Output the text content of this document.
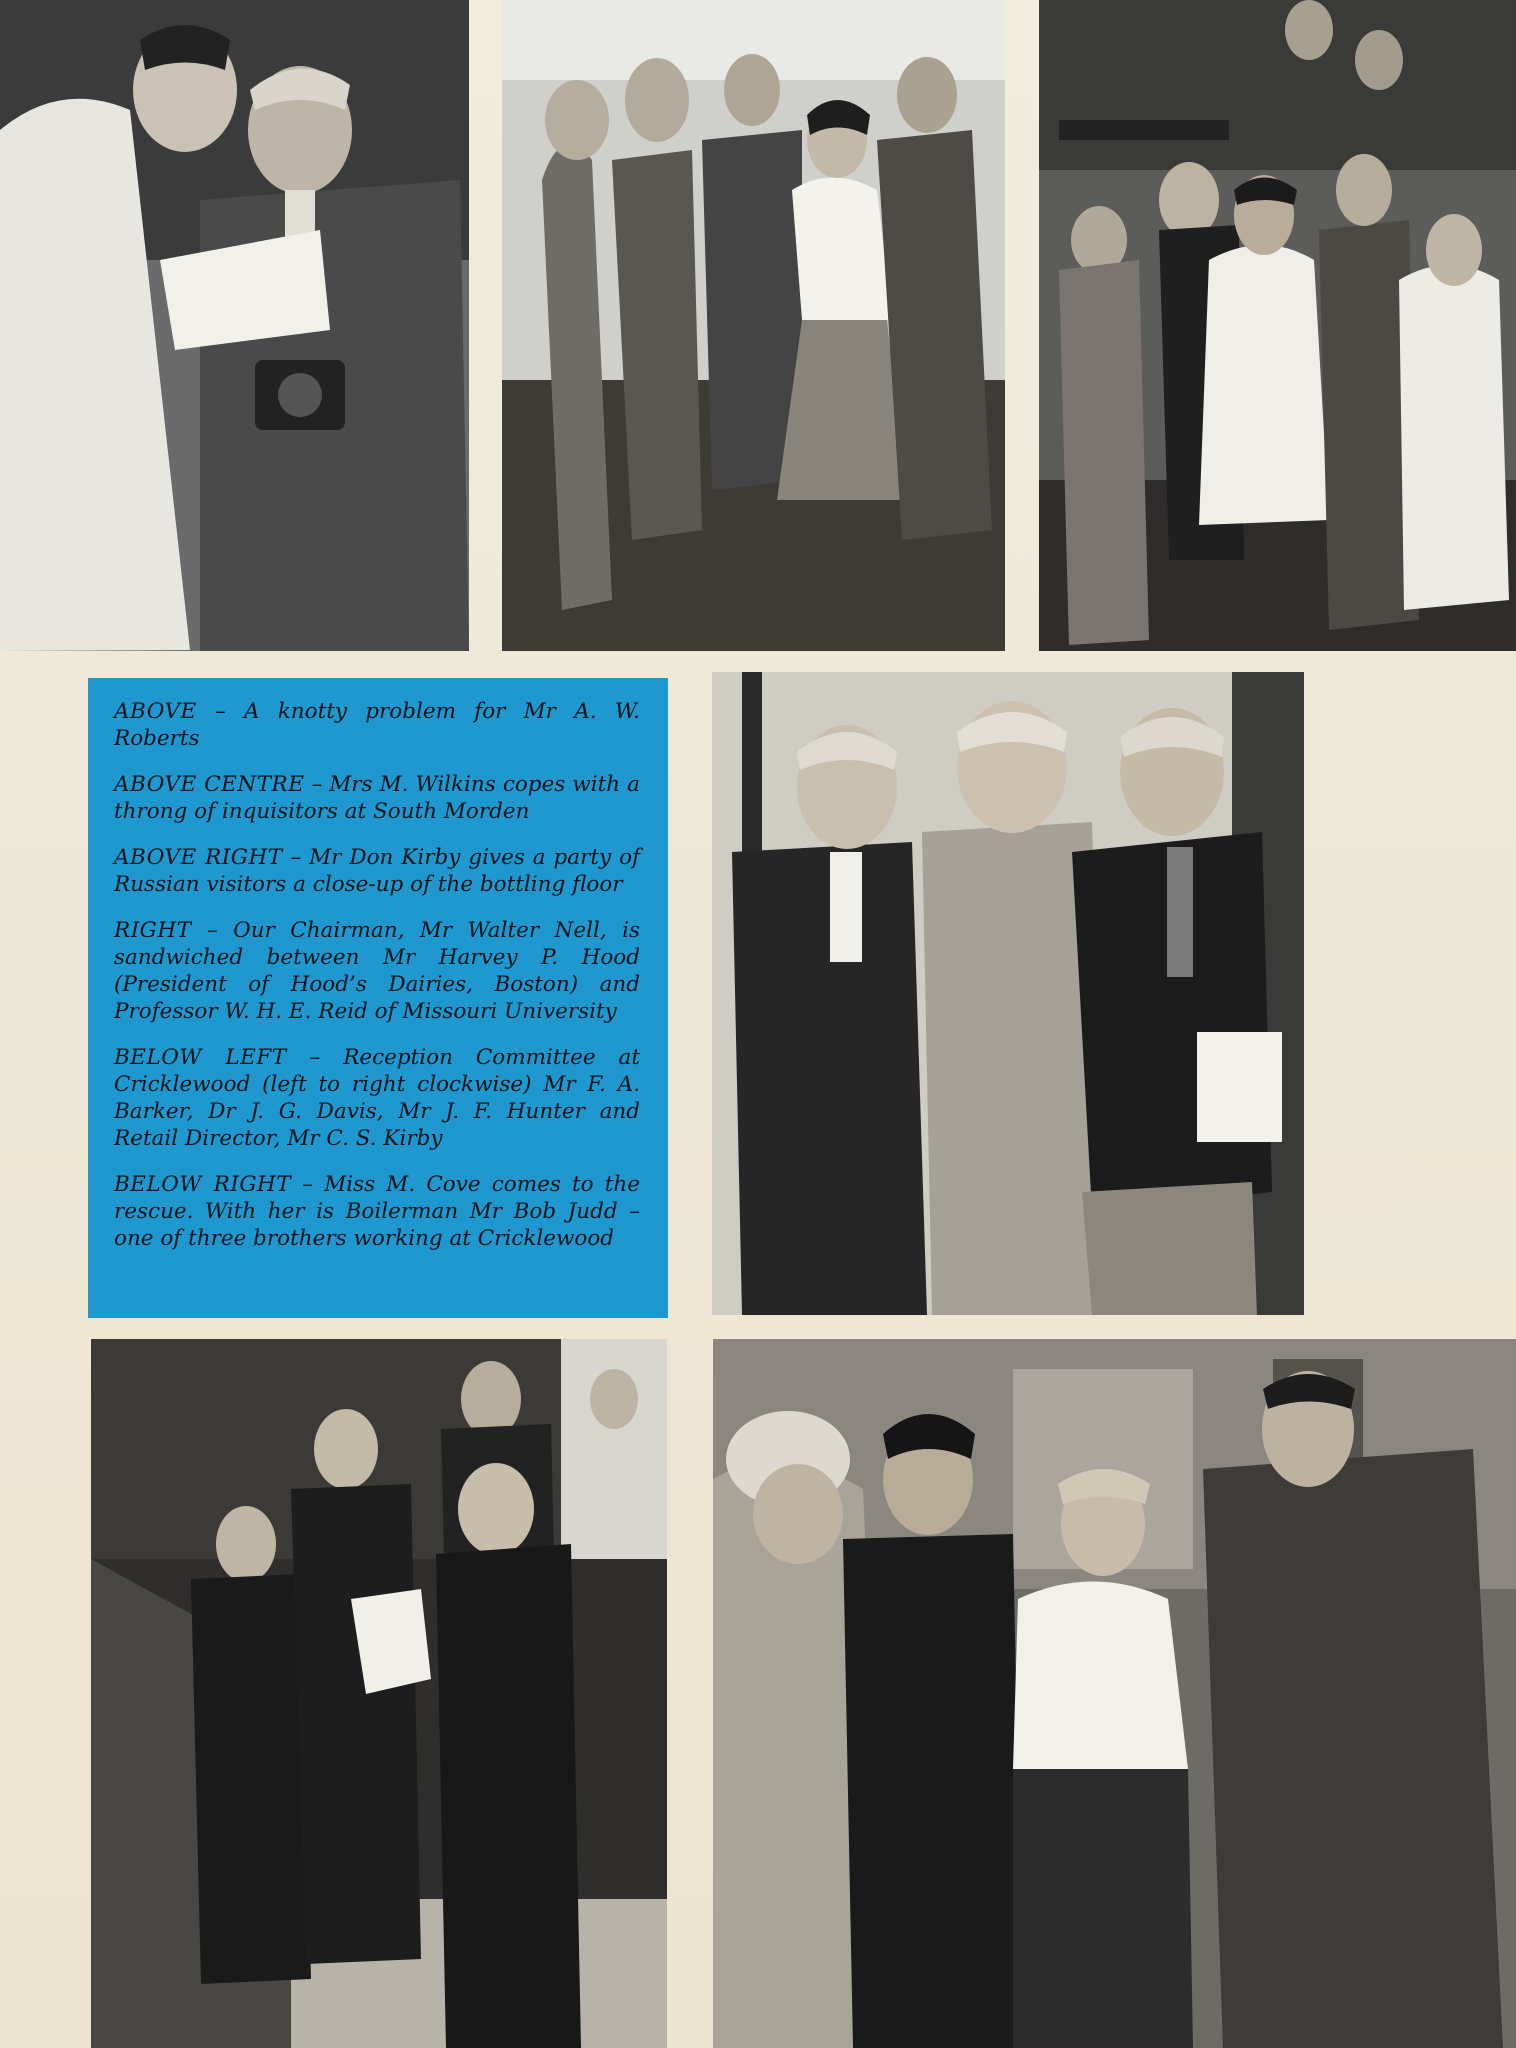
ABOVE – A knotty problem for Mr A. W. Roberts

ABOVE CENTRE – Mrs M. Wilkins copes with a throng of inquisitors at South Morden

ABOVE RIGHT – Mr Don Kirby gives a party of Russian visitors a close-up of the bottling floor

RIGHT – Our Chairman, Mr Walter Nell, is sandwiched between Mr Harvey P. Hood (President of Hood’s Dairies, Boston) and Professor W. H. E. Reid of Missouri University

BELOW LEFT – Reception Committee at Cricklewood (left to right clockwise) Mr F. A. Barker, Dr J. G. Davis, Mr J. F. Hunter and Retail Director, Mr C. S. Kirby

BELOW RIGHT – Miss M. Cove comes to the rescue. With her is Boilerman Mr Bob Judd – one of three brothers working at Cricklewood
